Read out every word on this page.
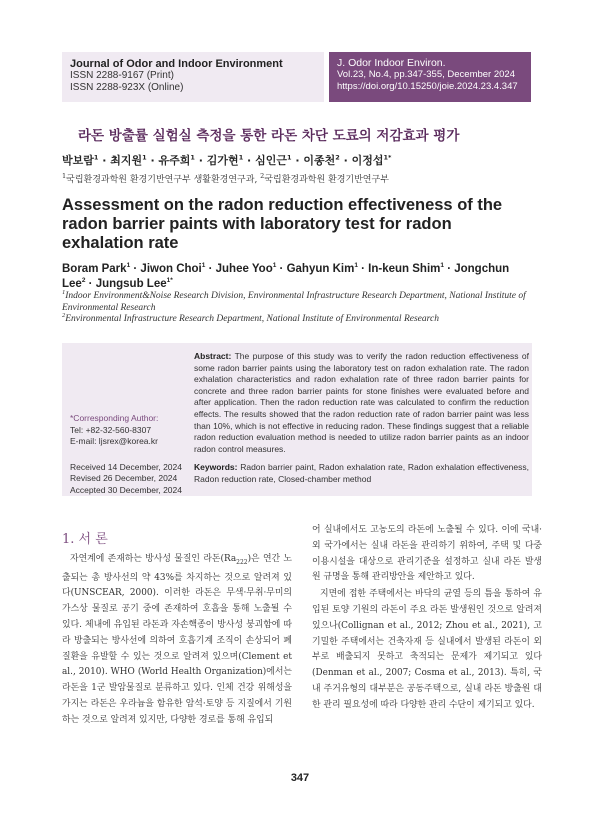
Journal of Odor and Indoor Environment
ISSN 2288-9167 (Print)
ISSN 2288-923X (Online)
J. Odor Indoor Environ.
Vol.23, No.4, pp.347-355, December 2024
https://doi.org/10.15250/joie.2024.23.4.347
라돈 방출률 실험실 측정을 통한 라돈 차단 도료의 저감효과 평가
박보람$^1$ · 최지원$^1$ · 유주희$^1$ · 김가현$^1$ · 심인근$^1$ · 이종천$^2$ · 이정섭$^{1*}$
$^1$국립환경과학원 환경기반연구부 생활환경연구과, $^2$국립환경과학원 환경기반연구부
Assessment on the radon reduction effectiveness of the radon barrier paints with laboratory test for radon exhalation rate
Boram Park$^1$ · Jiwon Choi$^1$ · Juhee Yoo$^1$ · Gahyun Kim$^1$ · In-keun Shim$^1$ · Jongchun Lee$^2$ · Jungsub Lee$^{1*}$
$^1$Indoor Environment&Noise Research Division, Environmental Infrastructure Research Department, National Institute of Environmental Research
$^2$Environmental Infrastructure Research Department, National Institute of Environmental Research
*Corresponding Author:
Tel: +82-32-560-8307
E-mail: ljsrex@korea.kr
Received 14 December, 2024
Revised 26 December, 2024
Accepted 30 December, 2024
Abstract: The purpose of this study was to verify the radon reduction effectiveness of some radon barrier paints using the laboratory test on radon exhalation rate. The radon exhalation characteristics and radon exhalation rate of three radon barrier paints for concrete and three radon barrier paints for stone finishes were evaluated before and after application. Then the radon reduction rate was calculated to confirm the reduction effects. The results showed that the radon reduction rate of radon barrier paint was less than 10%, which is not effective in reducing radon. These findings suggest that a reliable radon reduction evaluation method is needed to utilize radon barrier paints as an indoor radon control measures.
Keywords: Radon barrier paint, Radon exhalation rate, Radon exhalation effectiveness, Radon reduction rate, Closed-chamber method
1. 서 론

자연계에 존재하는 방사성 물질인 라돈$(Ra_{222})$은 연간 노출되는 총 방사선의 약 43%를 차지하는 것으로 알려져 있다(UNSCEAR, 2000). 이러한 라돈은 무색·무취·무미의 가스상 물질로 공기 중에 존재하여 호흡을 통해 노출될 수 있다. 체내에 유입된 라돈과 자손핵종이 방사성 붕괴함에 따라 방출되는 방사선에 의하여 호흡기계 조직이 손상되어 폐 질환을 유발할 수 있는 것으로 알려져 있으며(Clement et al., 2010). WHO (World Health Organization)에서는 라돈을 1군 발암물질로 분류하고 있다. 인체 건강 위해성을 가지는 라돈은 우라늄을 함유한 암석·토양 등 지질에서 기원하는 것으로 알려져 있지만, 다양한 경로를 통해 유입되

어 실내에서도 고농도의 라돈에 노출될 수 있다. 이에 국내·외 국가에서는 실내 라돈을 관리하기 위하여, 주택 및 다중이용시설을 대상으로 관리기준을 설정하고 실내 라돈 발생원 규명을 통해 관리방안을 제안하고 있다.

지면에 접한 주택에서는 바닥의 균열 등의 틈을 통하여 유입된 토양 기원의 라돈이 주요 라돈 발생원인 것으로 알려져 있으나(Collignan et al., 2012; Zhou et al., 2021), 고기밀한 주택에서는 건축자재 등 실내에서 발생된 라돈이 외부로 배출되지 못하고 축적되는 문제가 제기되고 있다(Denman et al., 2007; Cosma et al., 2013). 특히, 국내 주거유형의 대부분은 공동주택으로, 실내 라돈 방출원 대한 관리 필요성에 따라 다양한 관리 수단이 제기되고 있다.

347
